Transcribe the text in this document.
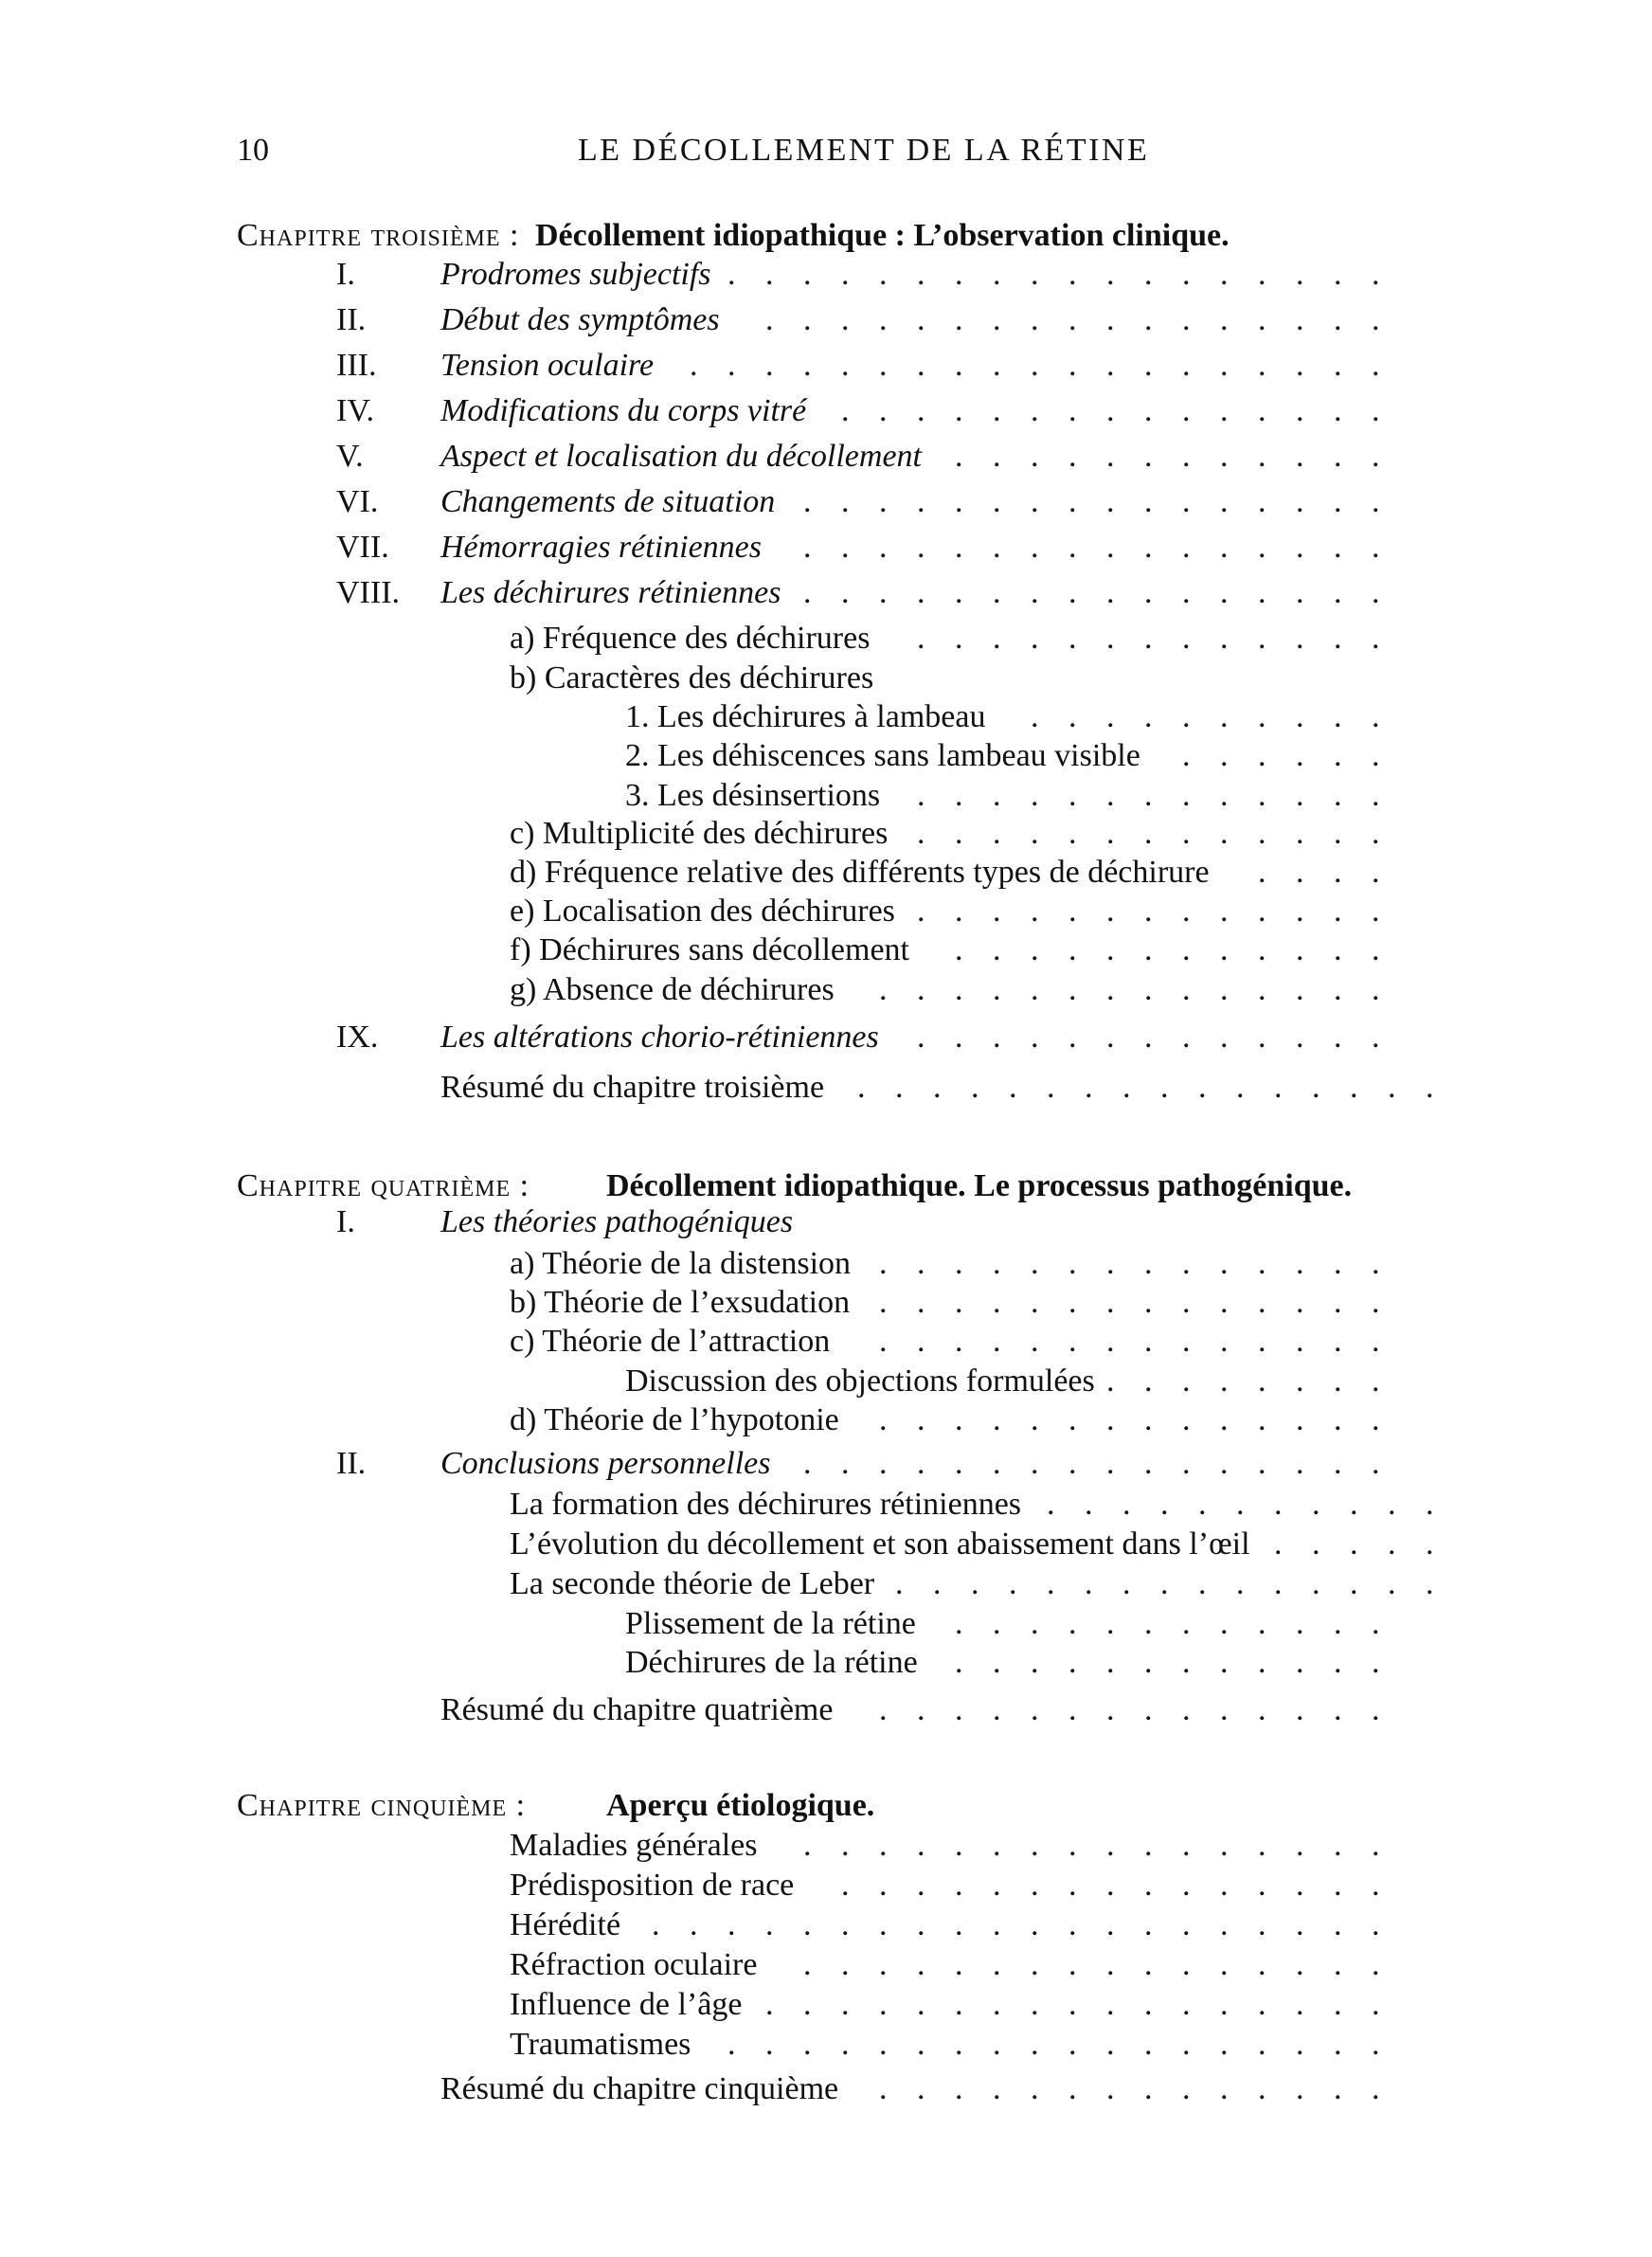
10	LE DÉCOLLEMENT DE LA RÉTINE
Chapitre troisième : Décollement idiopathique : L’observation clinique.
I.	Prodromes subjectifs . . . . . . . . . . . . . . . . . .
II. Début des symptômes . . . . . . . . . . . . . . . . .
III. Tension oculaire . . . . . . . . . . . . . . . . . . .
IV. Modifications du corps vitré . . . . . . . . . . . . . . .
V. Aspect et localisation du décollement . . . . . . . . . . . .
VI. Changements de situation . . . . . . . . . . . . . . . .
VII. Hémorragies rétiniennes . . . . . . . . . . . . . . . .
VIII. Les déchirures rétiniennes . . . . . . . . . . . . . . . .
a) Fréquence des déchirures . . . . . . . . . . . . .
b) Caractères des déchirures
1. Les déchirures à lambeau . . . . . . . . . .
2. Les déhiscences sans lambeau visible . . . . . .
3. Les désinsertions . . . . . . . . . . . . .
c) Multiplicité des déchirures . . . . . . . . . . . . .
d) Fréquence relative des différents types de déchirure . . . .
e) Localisation des déchirures . . . . . . . . . . . . .
f) Déchirures sans décollement . . . . . . . . . . . .
g) Absence de déchirures . . . . . . . . . . . . . .
IX. Les altérations chorio-rétiniennes . . . . . . . . . . . . .
Résumé du chapitre troisième . . . . . . . . . . . . . . . .
Chapitre quatrième : Décollement idiopathique. Le processus pathogénique.
I.	Les théories pathogéniques
a) Théorie de la distension . . . . . . . . . . . . . .
b) Théorie de l’exsudation . . . . . . . . . . . . . .
c) Théorie de l’attraction . . . . . . . . . . . . . .
Discussion des objections formulées . . . . . . . .
d) Théorie de l’hypotonie . . . . . . . . . . . . . .
II. Conclusions personnelles . . . . . . . . . . . . . . . .
La formation des déchirures rétiniennes . . . . . . . . . . .
L’évolution du décollement et son abaissement dans l’œil . . . . .
La seconde théorie de Leber . . . . . . . . . . . . . . .
Plissement de la rétine . . . . . . . . . . . .
Déchirures de la rétine . . . . . . . . . . . .
Résumé du chapitre quatrième . . . . . . . . . . . . . .
Chapitre cinquième : Aperçu étiologique.
Maladies générales . . . . . . . . . . . . . . . .
Prédisposition de race . . . . . . . . . . . . . . .
Hérédité . . . . . . . . . . . . . . . . . . . .
Réfraction oculaire . . . . . . . . . . . . . . . .
Influence de l’âge . . . . . . . . . . . . . . . . .
Traumatismes . . . . . . . . . . . . . . . . . .
Résumé du chapitre cinquième . . . . . . . . . . . . . .
